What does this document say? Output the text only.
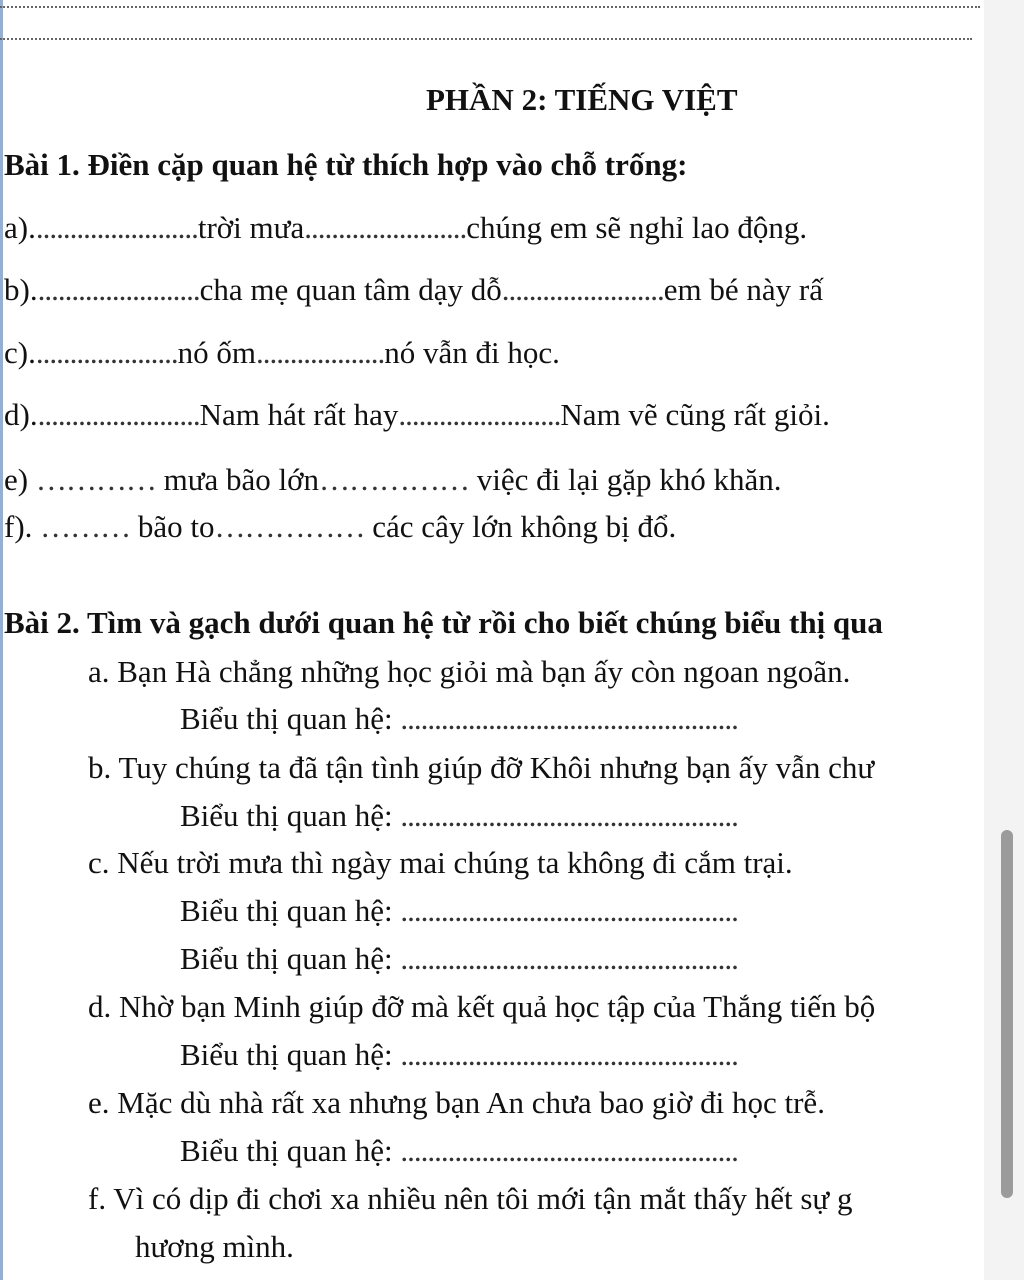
PHẦN 2: TIẾNG VIỆT
Bài 1. Điền cặp quan hệ từ thích hợp vào chỗ trống:
a).........................trời mưa........................chúng em sẽ nghỉ lao động.
b).........................cha mẹ quan tâm dạy dỗ........................em bé này rấ
c)......................nó ốm...................nó vẫn đi học.
d).........................Nam hát rất hay........................Nam vẽ cũng rất giỏi.
e) ………… mưa bão lớn…………… việc đi lại gặp khó khăn.
f). ……… bão to…………… các cây lớn không bị đổ.
Bài 2. Tìm và gạch dưới quan hệ từ rồi cho biết chúng biểu thị qua
a. Bạn Hà chẳng những học giỏi mà bạn ấy còn ngoan ngoãn.
Biểu thị quan hệ: ..................................................
b. Tuy chúng ta đã tận tình giúp đỡ Khôi nhưng bạn ấy vẫn chư
Biểu thị quan hệ: ..................................................
c. Nếu trời mưa thì ngày mai chúng ta không đi cắm trại.
Biểu thị quan hệ: ..................................................
Biểu thị quan hệ: ..................................................
d. Nhờ bạn Minh giúp đỡ mà kết quả học tập của Thắng tiến bộ
Biểu thị quan hệ: ..................................................
e. Mặc dù nhà rất xa nhưng bạn An chưa bao giờ đi học trễ.
Biểu thị quan hệ: ..................................................
f. Vì có dịp đi chơi xa nhiều nên tôi mới tận mắt thấy hết sự g
hương mình.
